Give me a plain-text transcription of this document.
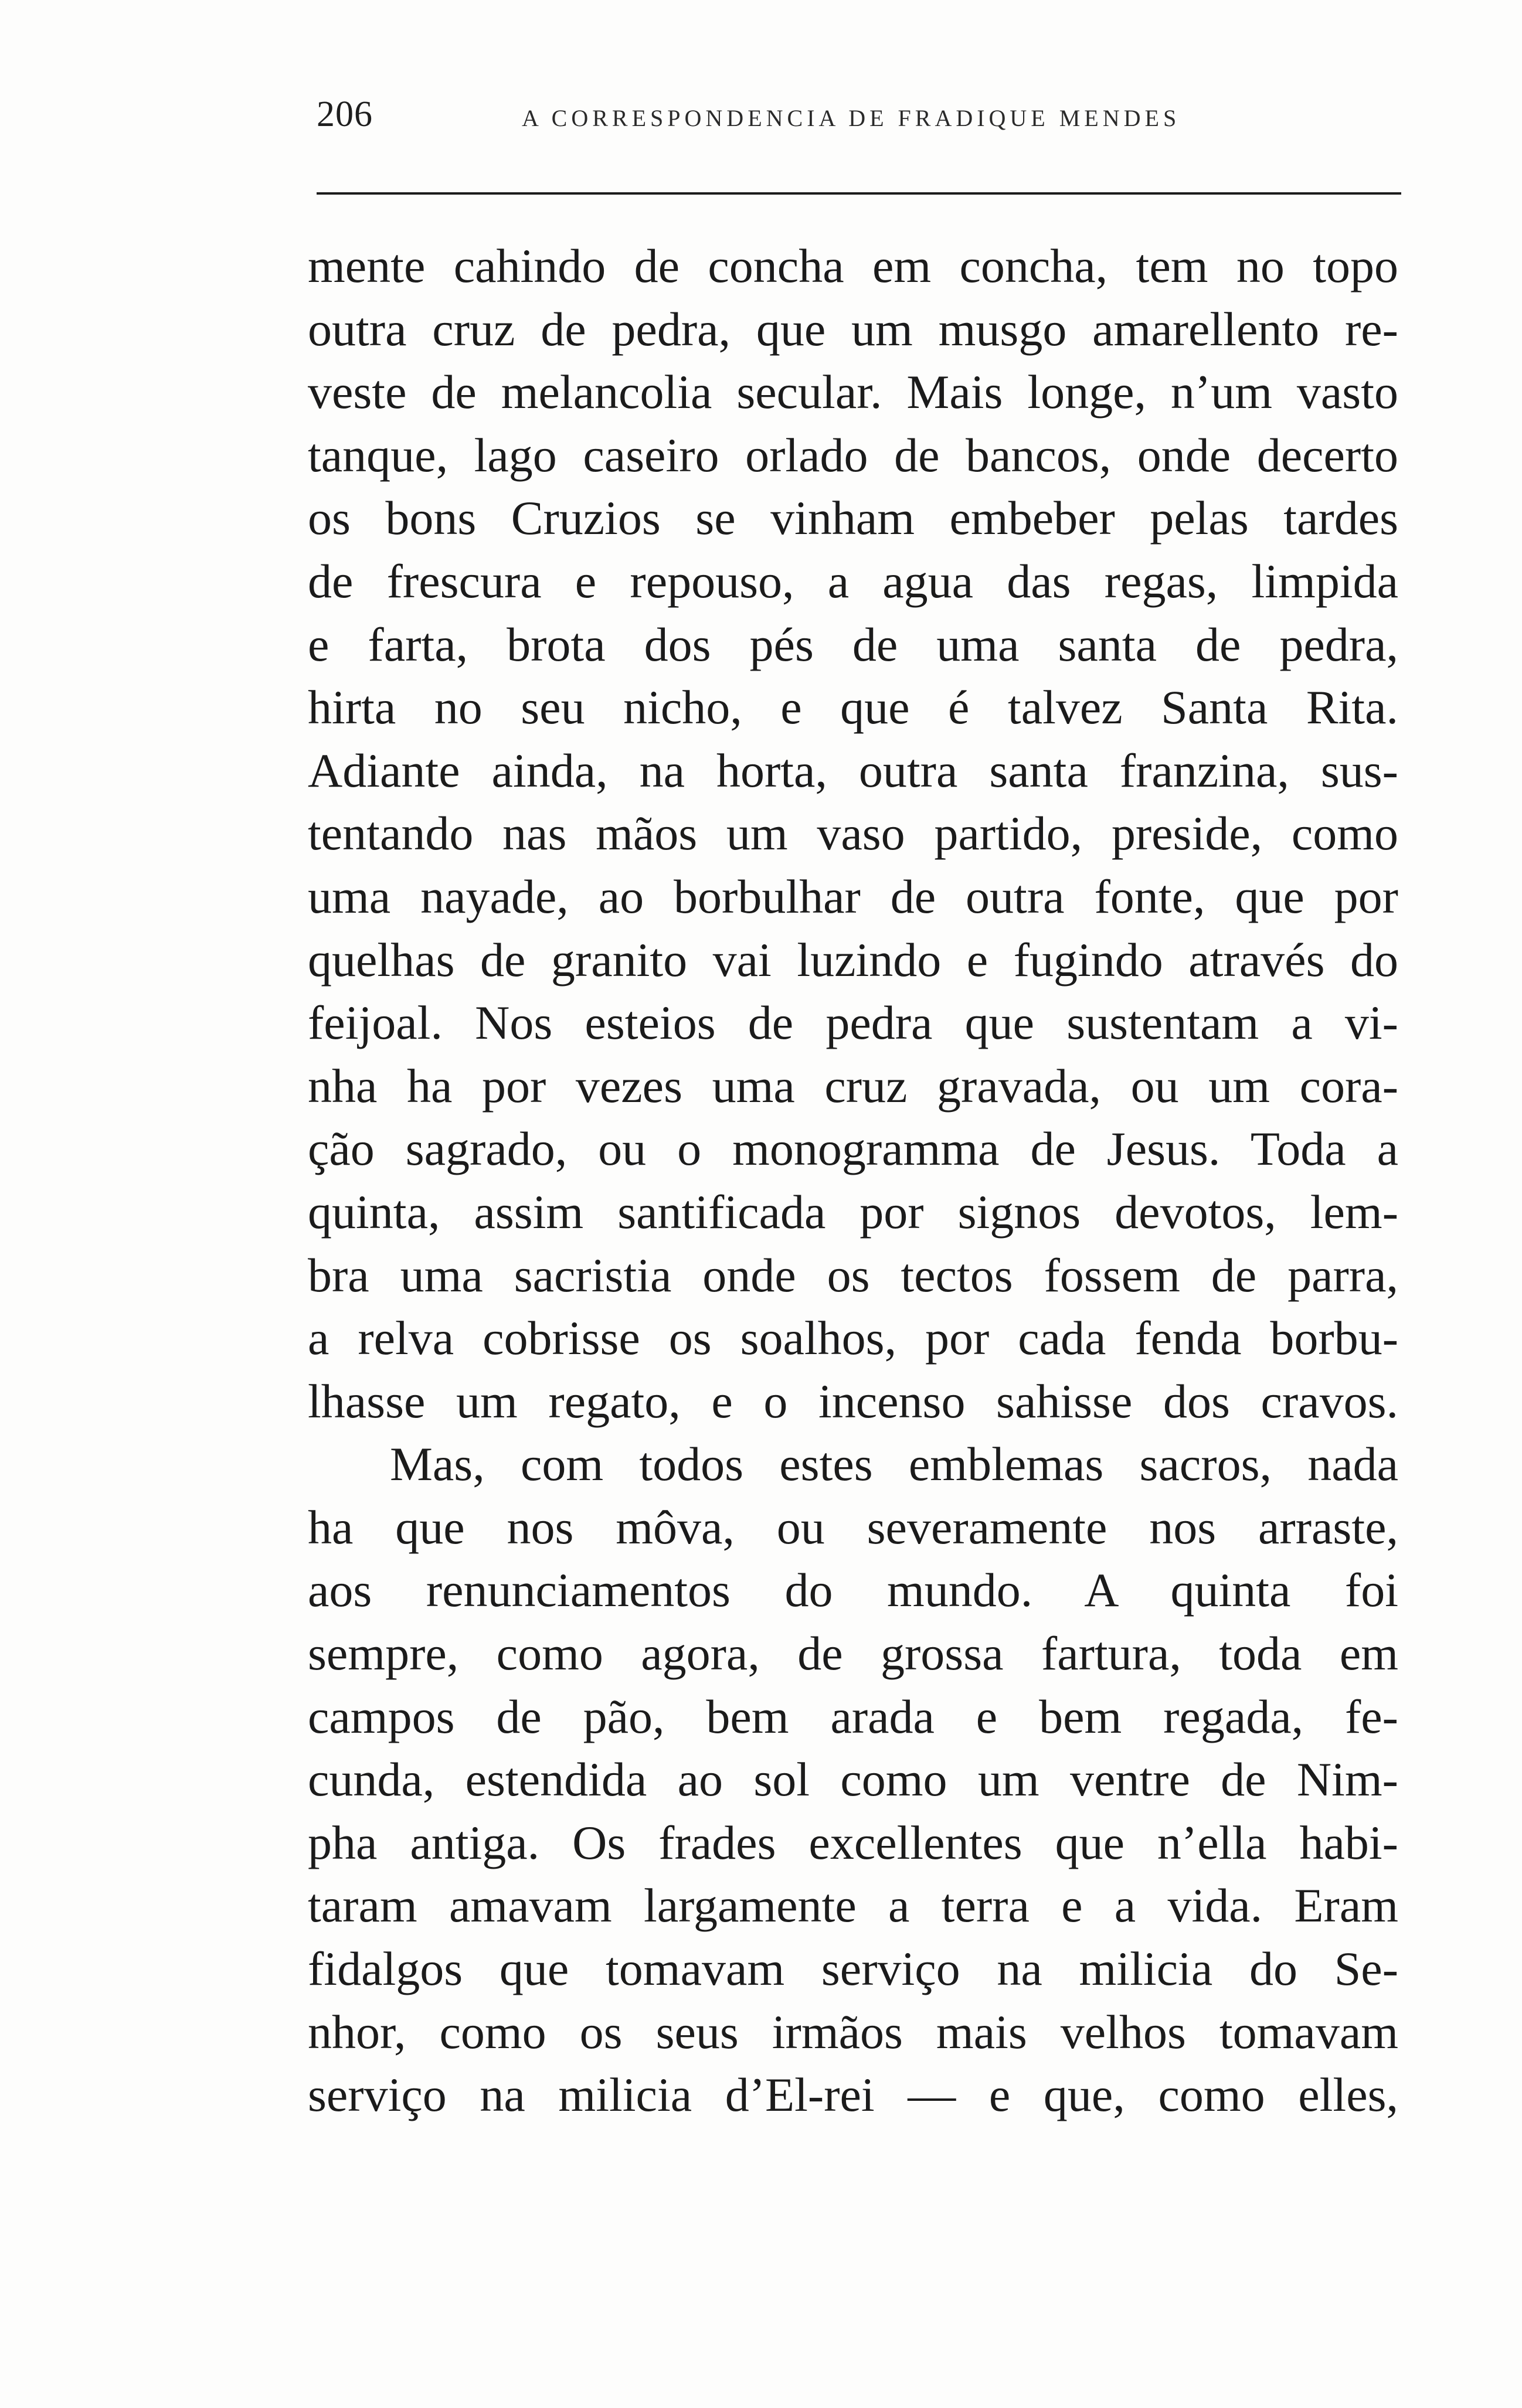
206	A CORRESPONDENCIA DE FRADIQUE MENDES
mente cahindo de concha em concha, tem no topo
outra cruz de pedra, que um musgo amarellento re-
veste de melancolia secular. Mais longe, n’um vasto
tanque, lago caseiro orlado de bancos, onde decerto
os bons Cruzios se vinham embeber pelas tardes
de frescura e repouso, a agua das regas, limpida
e farta, brota dos pés de uma santa de pedra,
hirta no seu nicho, e que é talvez Santa Rita.
Adiante ainda, na horta, outra santa franzina, sus-
tentando nas mãos um vaso partido, preside, como
uma nayade, ao borbulhar de outra fonte, que por
quelhas de granito vai luzindo e fugindo através do
feijoal. Nos esteios de pedra que sustentam a vi-
nha ha por vezes uma cruz gravada, ou um cora-
ção sagrado, ou o monogramma de Jesus. Toda a
quinta, assim santificada por signos devotos, lem-
bra uma sacristia onde os tectos fossem de parra,
a relva cobrisse os soalhos, por cada fenda borbu-
lhasse um regato, e o incenso sahisse dos cravos.
Mas, com todos estes emblemas sacros, nada
ha que nos môva, ou severamente nos arraste,
aos renunciamentos do mundo. A quinta foi
sempre, como agora, de grossa fartura, toda em
campos de pão, bem arada e bem regada, fe-
cunda, estendida ao sol como um ventre de Nim-
pha antiga. Os frades excellentes que n’ella habi-
taram amavam largamente a terra e a vida. Eram
fidalgos que tomavam serviço na milicia do Se-
nhor, como os seus irmãos mais velhos tomavam
serviço na milicia d’El-rei — e que, como elles,
